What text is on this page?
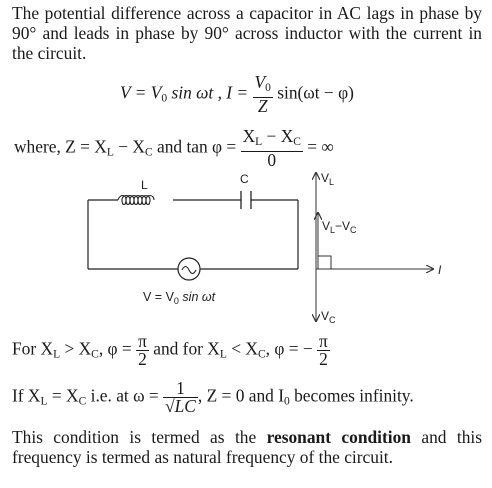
The potential difference across a capacitor in AC lags in phase by 90° and leads in phase by 90° across inductor with the current in the circuit.

$V = V_0$ sin ωt , $I = \frac{V_0}{Z} \sin(\omega t - \varphi)$
where, $Z = X_L - X_C$ and $\tan \varphi = \frac{X_L - X_C}{0}$ = ∞
L	C
$V = V_0$ sin ωt
$V_L$
$V_L-V_C$
I
$V_C$
For $X_L > X_C$, $\varphi = \frac{\pi}{2}$ and for $X_L < X_C$, φ = − $\frac{\pi}{2}$
If $X_L = X_C$ i.e. at $\omega = \frac{1}{√LC}$ , Z = 0 and $I_0$ becomes infinity.

This condition is termed as the resonant condition and this frequency is termed as natural frequency of the circuit.
